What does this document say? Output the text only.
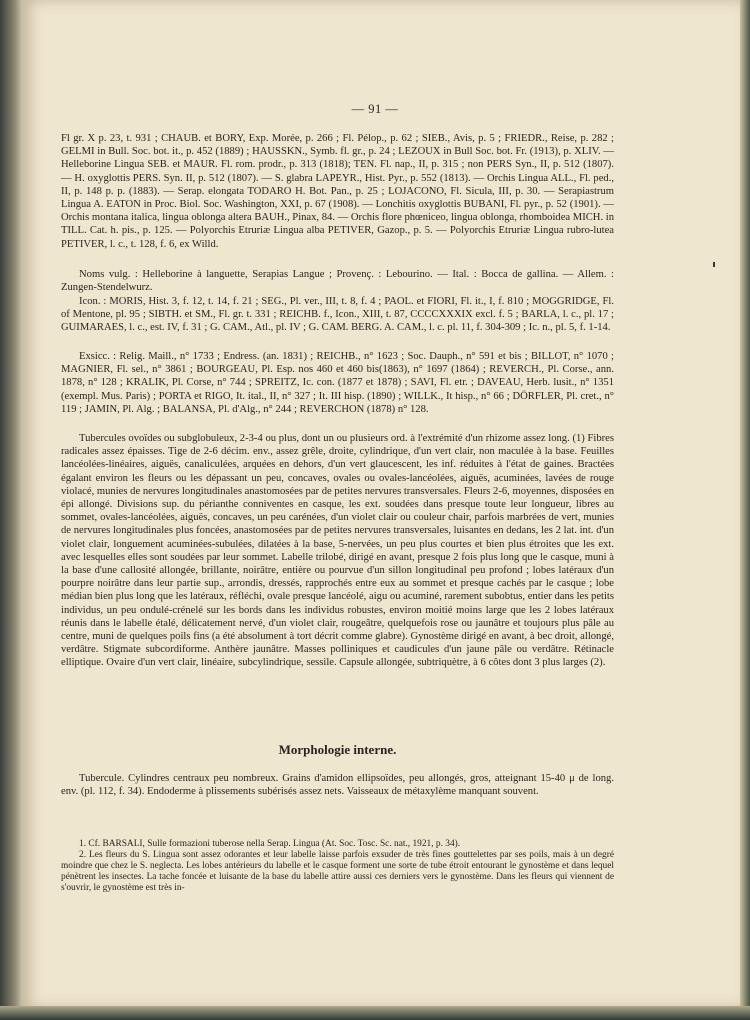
— 91 —

Fl gr. X p. 23, t. 931 ; CHAUB. et BORY, Exp. Morée, p. 266 ; Fl. Pélop., p. 62 ; SIEB., Avis, p. 5 ; FRIEDR., Reise, p. 282 ; GELMI in Bull. Soc. bot. it., p. 452 (1889) ; HAUSSKN., Symb. fl. gr., p. 24 ; LEZOUX in Bull Soc. bot. Fr. (1913), p. XLIV. — Helleborine Lingua SEB. et MAUR. Fl. rom. prodr., p. 313 (1818); TEN. Fl. nap., II, p. 315 ; non PERS Syn., II, p. 512 (1807). — H. oxyglottis PERS. Syn. II, p. 512 (1807). — S. glabra LAPEYR., Hist. Pyr., p. 552 (1813). — Orchis Lingua ALL., Fl. ped., II, p. 148 p. p. (1883). — Serap. elongata TODARO H. Bot. Pan., p. 25 ; LOJACONO, Fl. Sicula, III, p. 30. — Serapiastrum Lingua A. EATON in Proc. Biol. Soc. Washington, XXI, p. 67 (1908). — Lonchitis oxyglottis BUBANI, Fl. pyr., p. 52 (1901). — Orchis montana italica, lingua oblonga altera BAUH., Pinax, 84. — Orchis flore phœniceo, lingua oblonga, rhomboidea MICH. in TILL. Cat. h. pis., p. 125. — Polyorchis Etruriæ Lingua alba PETIVER, Gazop., p. 5. — Polyorchis Etruriæ Lingua rubro-lutea PETIVER, l. c., t. 128, f. 6, ex Willd.

Noms vulg. : Helleborine à languette, Serapias Langue ; Provenç. : Lebourino. — Ital. : Bocca de gallina. — Allem. : Zungen-Stendelwurz.

Icon. : MORIS, Hist. 3, f. 12, t. 14, f. 21 ; SEG., Pl. ver., III, t. 8, f. 4 ; PAOL. et FIORI, Fl. it., I, f. 810 ; MOGGRIDGE, Fl. of Mentone, pl. 95 ; SIBTH. et SM., Fl. gr. t. 331 ; REICHB. f., Icon., XIII, t. 87, CCCCXXXIX excl. f. 5 ; BARLA, l. c., pl. 17 ; GUIMARAES, l. c., est. IV, f. 31 ; G. CAM., Atl., pl. IV ; G. CAM. BERG. A. CAM., l. c. pl. 11, f. 304-309 ; Ic. n., pl. 5, f. 1-14.

Exsicc. : Relig. Maill., n° 1733 ; Endress. (an. 1831) ; REICHB., n° 1623 ; Soc. Dauph., n° 591 et bis ; BILLOT, n° 1070 ; MAGNIER, Fl. sel., n° 3861 ; BOURGEAU, Pl. Esp. nos 460 et 460 bis(1863), n° 1697 (1864) ; REVERCH., Pl. Corse., ann. 1878, n° 128 ; KRALIK, Pl. Corse, n° 744 ; SPREITZ, Ic. con. (1877 et 1878) ; SAVI, Fl. etr. ; DAVEAU, Herb. lusit., n° 1351 (exempl. Mus. Paris) ; PORTA et RIGO, It. ital., II, n° 327 ; It. III hisp. (1890) ; WILLK., It hisp., n° 66 ; DÖRFLER, Pl. cret., n° 119 ; JAMIN, Pl. Alg. ; BALANSA, Pl. d'Alg., n° 244 ; REVERCHON (1878) n° 128.

Tubercules ovoïdes ou subglobuleux, 2-3-4 ou plus, dont un ou plusieurs ord. à l'extrémité d'un rhizome assez long. (1) Fibres radicales assez épaisses. Tige de 2-6 décim. env., assez grêle, droite, cylindrique, d'un vert clair, non maculée à la base. Feuilles lancéolées-linéaires, aiguës, canaliculées, arquées en dehors, d'un vert glaucescent, les inf. réduites à l'état de gaines. Bractées égalant environ les fleurs ou les dépassant un peu, concaves, ovales ou ovales-lancéolées, aiguës, acuminées, lavées de rouge violacé, munies de nervures longitudinales anastomosées par de petites nervures transversales. Fleurs 2-6, moyennes, disposées en épi allongé. Divisions sup. du périanthe conniventes en casque, les ext. soudées dans presque toute leur longueur, libres au sommet, ovales-lancéolées, aiguës, concaves, un peu carénées, d'un violet clair ou couleur chair, parfois marbrées de vert, munies de nervures longitudinales plus foncées, anastomosées par de petites nervures transversales, luisantes en dedans, les 2 lat. int. d'un violet clair, longuement acuminées-subulées, dilatées à la base, 5-nervées, un peu plus courtes et bien plus étroites que les ext. avec lesquelles elles sont soudées par leur sommet. Labelle trilobé, dirigé en avant, presque 2 fois plus long que le casque, muni à la base d'une callosité allongée, brillante, noirâtre, entière ou pourvue d'un sillon longitudinal peu profond ; lobes latéraux d'un pourpre noirâtre dans leur partie sup., arrondis, dressés, rapprochés entre eux au sommet et presque cachés par le casque ; lobe médian bien plus long que les latéraux, réfléchi, ovale presque lancéolé, aigu ou acuminé, rarement subobtus, entier dans les petits individus, un peu ondulé-crénelé sur les bords dans les individus robustes, environ moitié moins large que les 2 lobes latéraux réunis dans le labelle étalé, délicatement nervé, d'un violet clair, rougeâtre, quelquefois rose ou jaunâtre et toujours plus pâle au centre, muni de quelques poils fins (a été absolument à tort décrit comme glabre). Gynostème dirigé en avant, à bec droit, allongé, verdâtre. Stigmate subcordiforme. Anthère jaunâtre. Masses polliniques et caudicules d'un jaune pâle ou verdâtre. Rétinacle elliptique. Ovaire d'un vert clair, linéaire, subcylindrique, sessile. Capsule allongée, subtriquètre, à 6 côtes dont 3 plus larges (2).

Morphologie interne.

Tubercule. Cylindres centraux peu nombreux. Grains d'amidon ellipsoïdes, peu allongés, gros, atteignant 15-40 μ de long. env. (pl. 112, f. 34). Endoderme à plissements subérisés assez nets. Vaisseaux de métaxylème manquant souvent.

1. Cf. BARSALI, Sulle formazioni tuberose nella Serap. Lingua (At. Soc. Tosc. Sc. nat., 1921, p. 34).

2. Les fleurs du S. Lingua sont assez odorantes et leur labelle laisse parfois exsuder de très fines gouttelettes par ses poils, mais à un degré moindre que chez le S. neglecta. Les lobes antérieurs du labelle et le casque forment une sorte de tube étroit entourant le gynostème et dans lequel pénètrent les insectes. La tache foncée et luisante de la base du labelle attire aussi ces derniers vers le gynostème. Dans les fleurs qui viennent de s'ouvrir, le gynostème est très in-
